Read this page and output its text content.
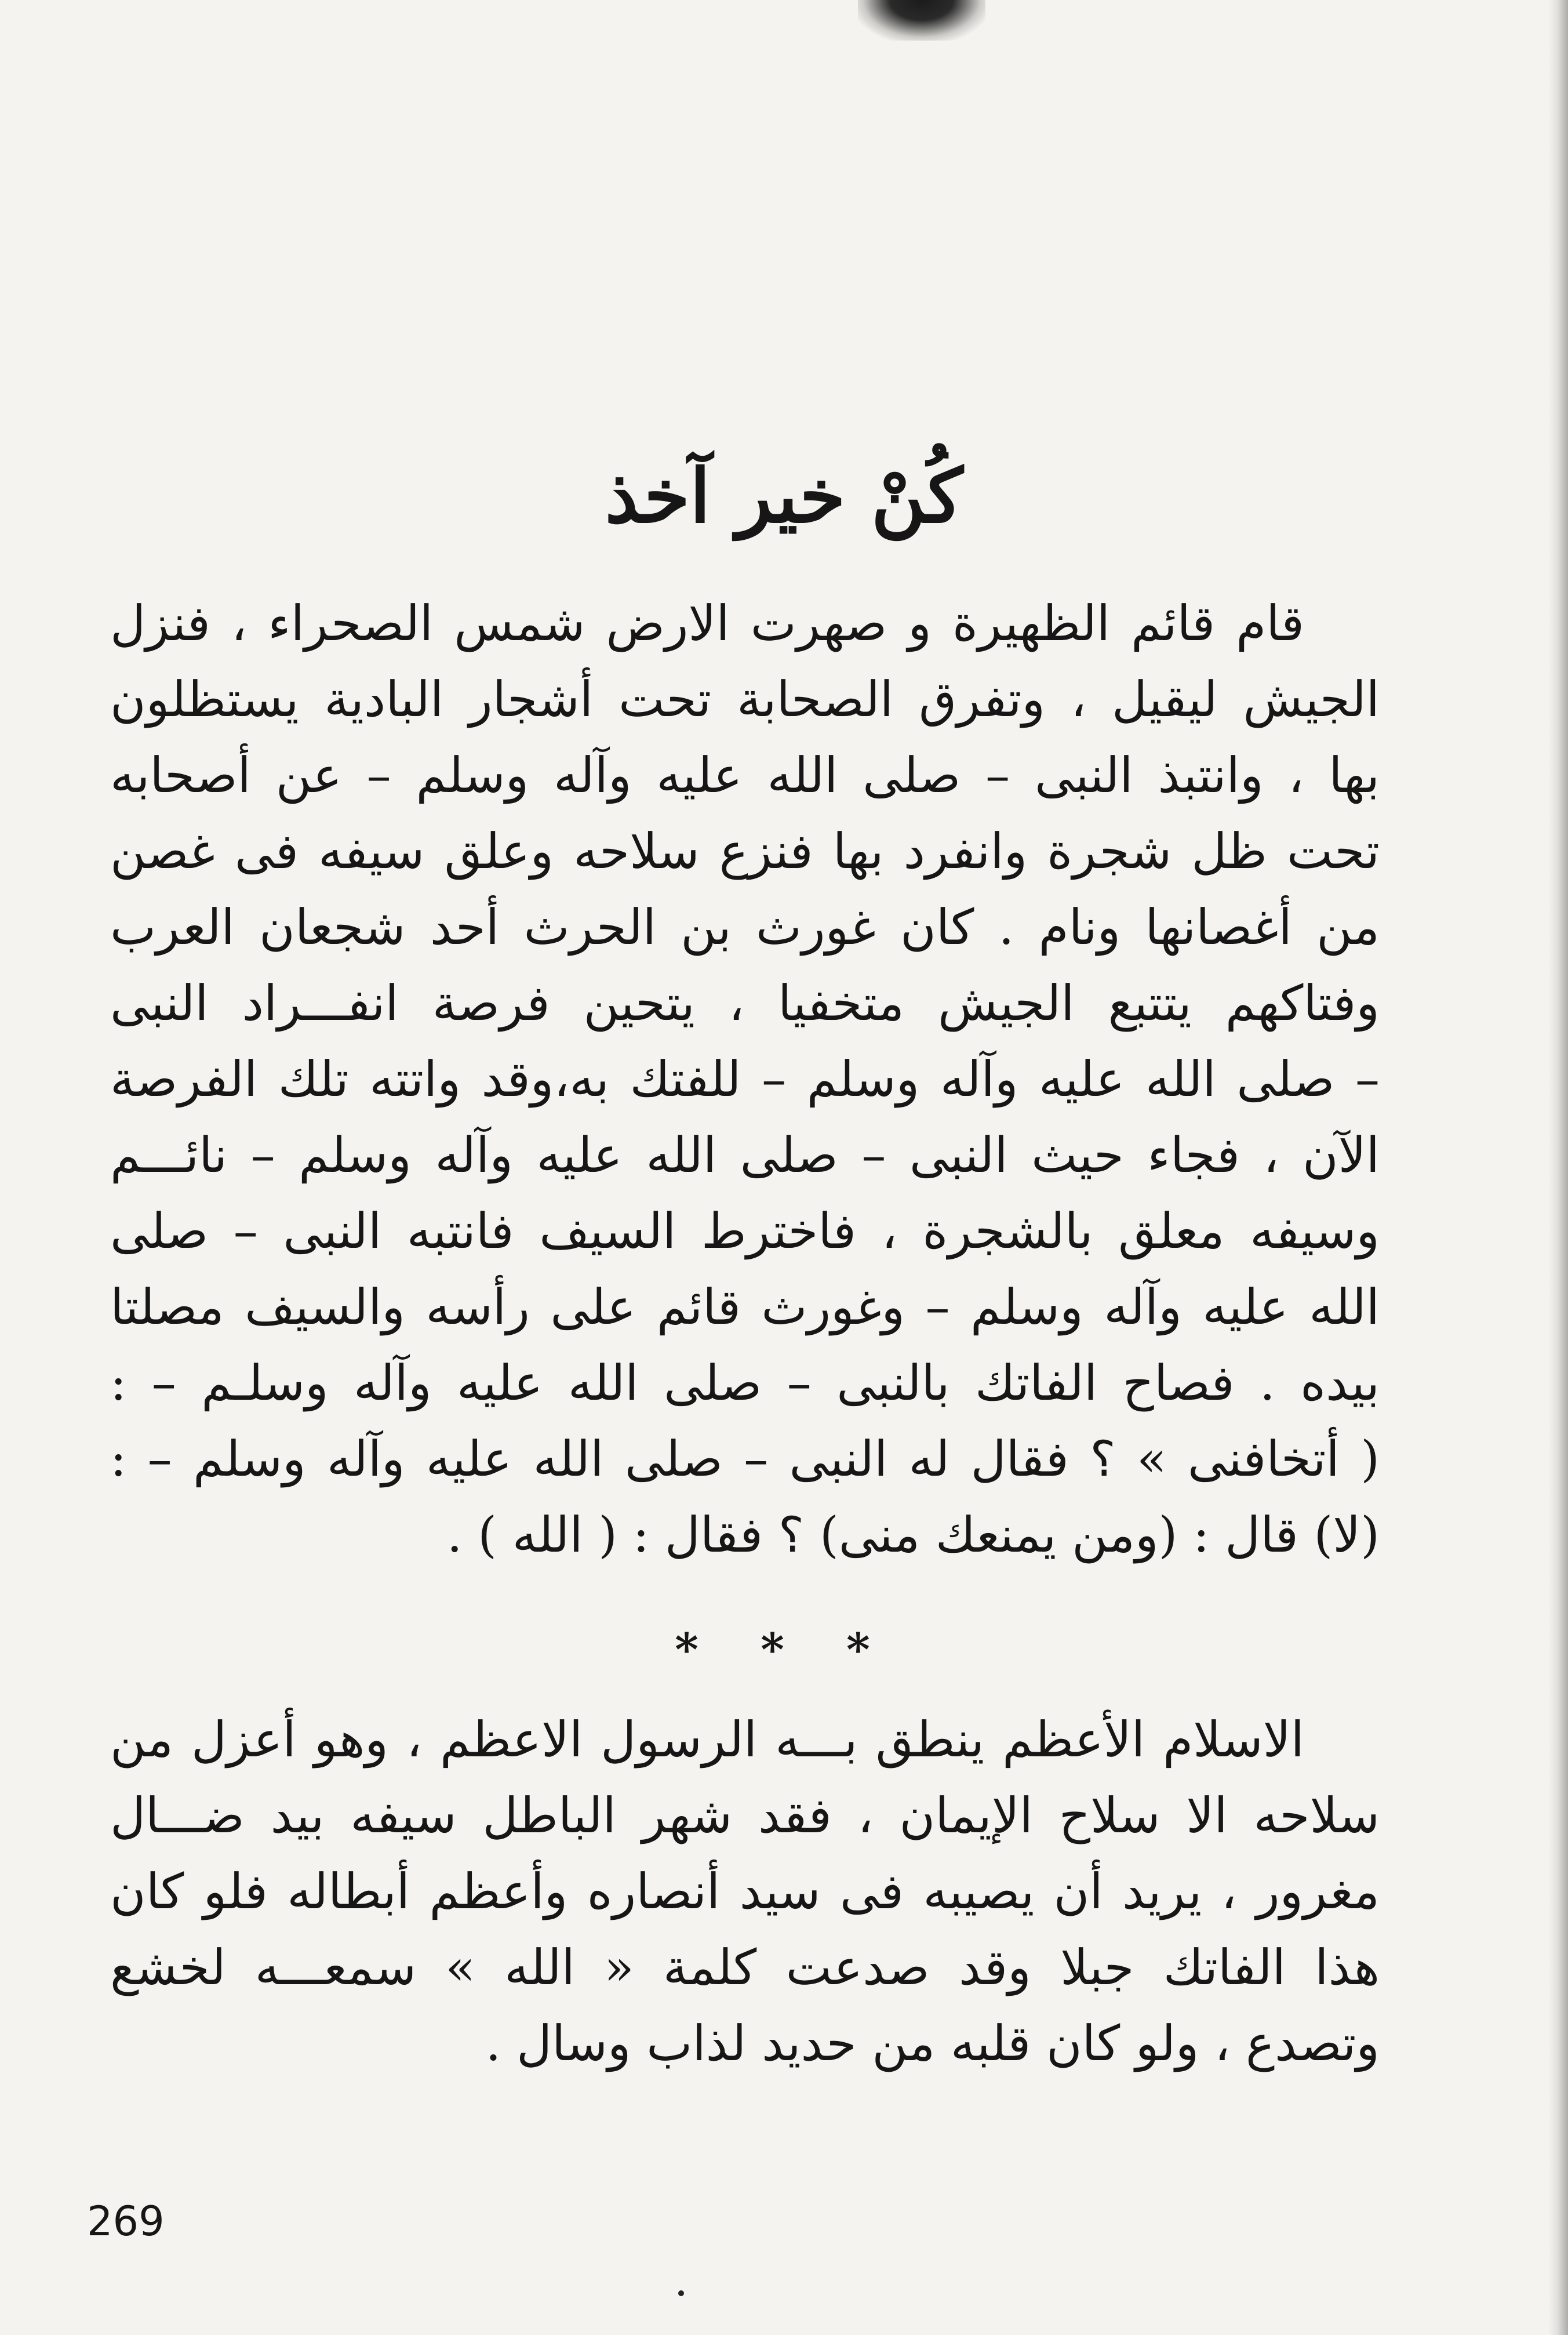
كُنْ خير آخذ
قام قائم الظهيرة و صهرت الارض شمس الصحراء ، فنزل
الجيش ليقيل ، وتفرق الصحابة تحت أشجار البادية يستظلون
بها ، وانتبذ النبى – صلى الله عليه وآله وسلم – عن أصحابه
تحت ظل شجرة وانفرد بها فنزع سلاحه وعلق سيفه فى غصن
من أغصانها ونام . كان غورث بن الحرث أحد شجعان العرب
وفتاكهم يتتبع الجيش متخفيا ، يتحين فرصة انفـــراد النبى
– صلى الله عليه وآله وسلم – للفتك به،وقد واتته تلك الفرصة
الآن ، فجاء حيث النبى – صلى الله عليه وآله وسلم – نائـــم
وسيفه معلق بالشجرة ، فاخترط السيف فانتبه النبى – صلى
الله عليه وآله وسلم – وغورث قائم على رأسه والسيف مصلتا
بيده . فصاح الفاتك بالنبى – صلى الله عليه وآله وسلـم – :
( أتخافنى » ؟ فقال له النبى – صلى الله عليه وآله وسلم – :
(لا) قال : (ومن يمنعك منى) ؟ فقال : ( الله ) .
* * *
الاسلام الأعظم ينطق بـــه الرسول الاعظم ، وهو أعزل من
سلاحه الا سلاح الإيمان ، فقد شهر الباطل سيفه بيد ضـــال
مغرور ، يريد أن يصيبه فى سيد أنصاره وأعظم أبطاله فلو كان
هذا الفاتك جبلا وقد صدعت كلمة « الله » سمعـــه لخشع
وتصدع ، ولو كان قلبه من حديد لذاب وسال .
269
